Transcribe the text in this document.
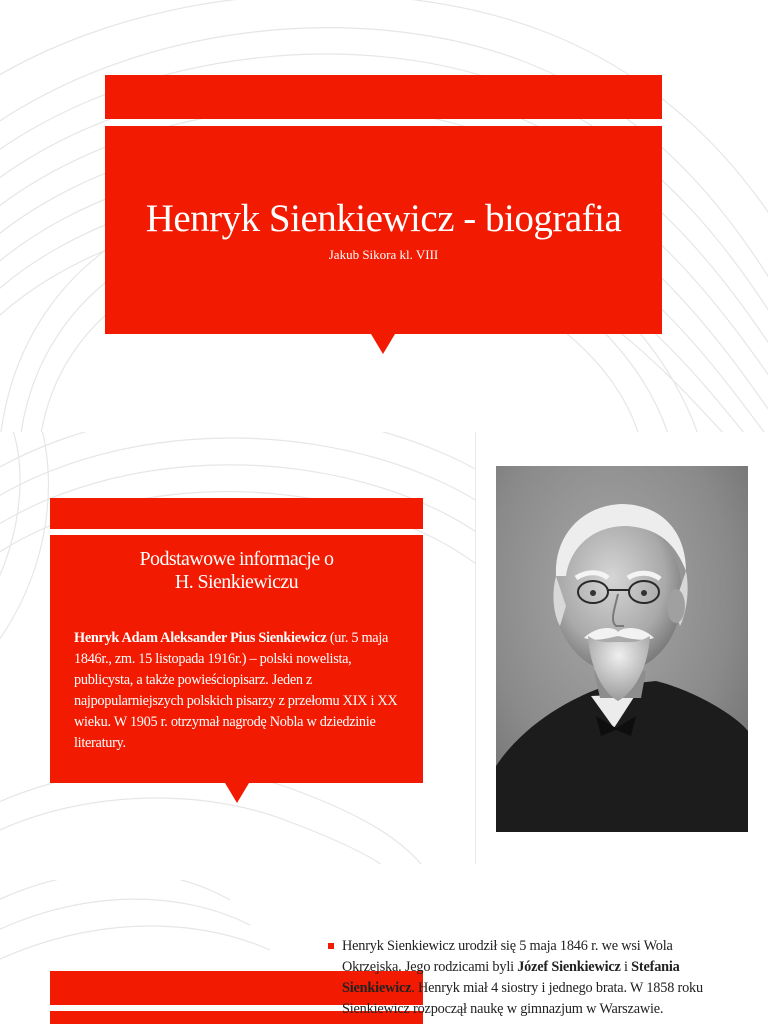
Henryk Sienkiewicz - biografia
Jakub Sikora kl. VIII
Podstawowe informacje o
H. Sienkiewiczu

Henryk Adam Aleksander Pius Sienkiewicz (ur. 5 maja 1846r., zm. 15 listopada 1916r.) – polski nowelista, publicysta, a także powieściopisarz. Jeden z najpopularniejszych polskich pisarzy z przełomu XIX i XX wieku. W 1905 r. otrzymał nagrodę Nobla w dziedzinie literatury.

Henryk Sienkiewicz urodził się 5 maja 1846 r. we wsi Wola Okrzejska. Jego rodzicami byli Józef Sienkiewicz i Stefania Sienkiewicz. Henryk miał 4 siostry i jednego brata. W 1858 roku Sienkiewicz rozpoczął naukę w gimnazjum w Warszawie.
